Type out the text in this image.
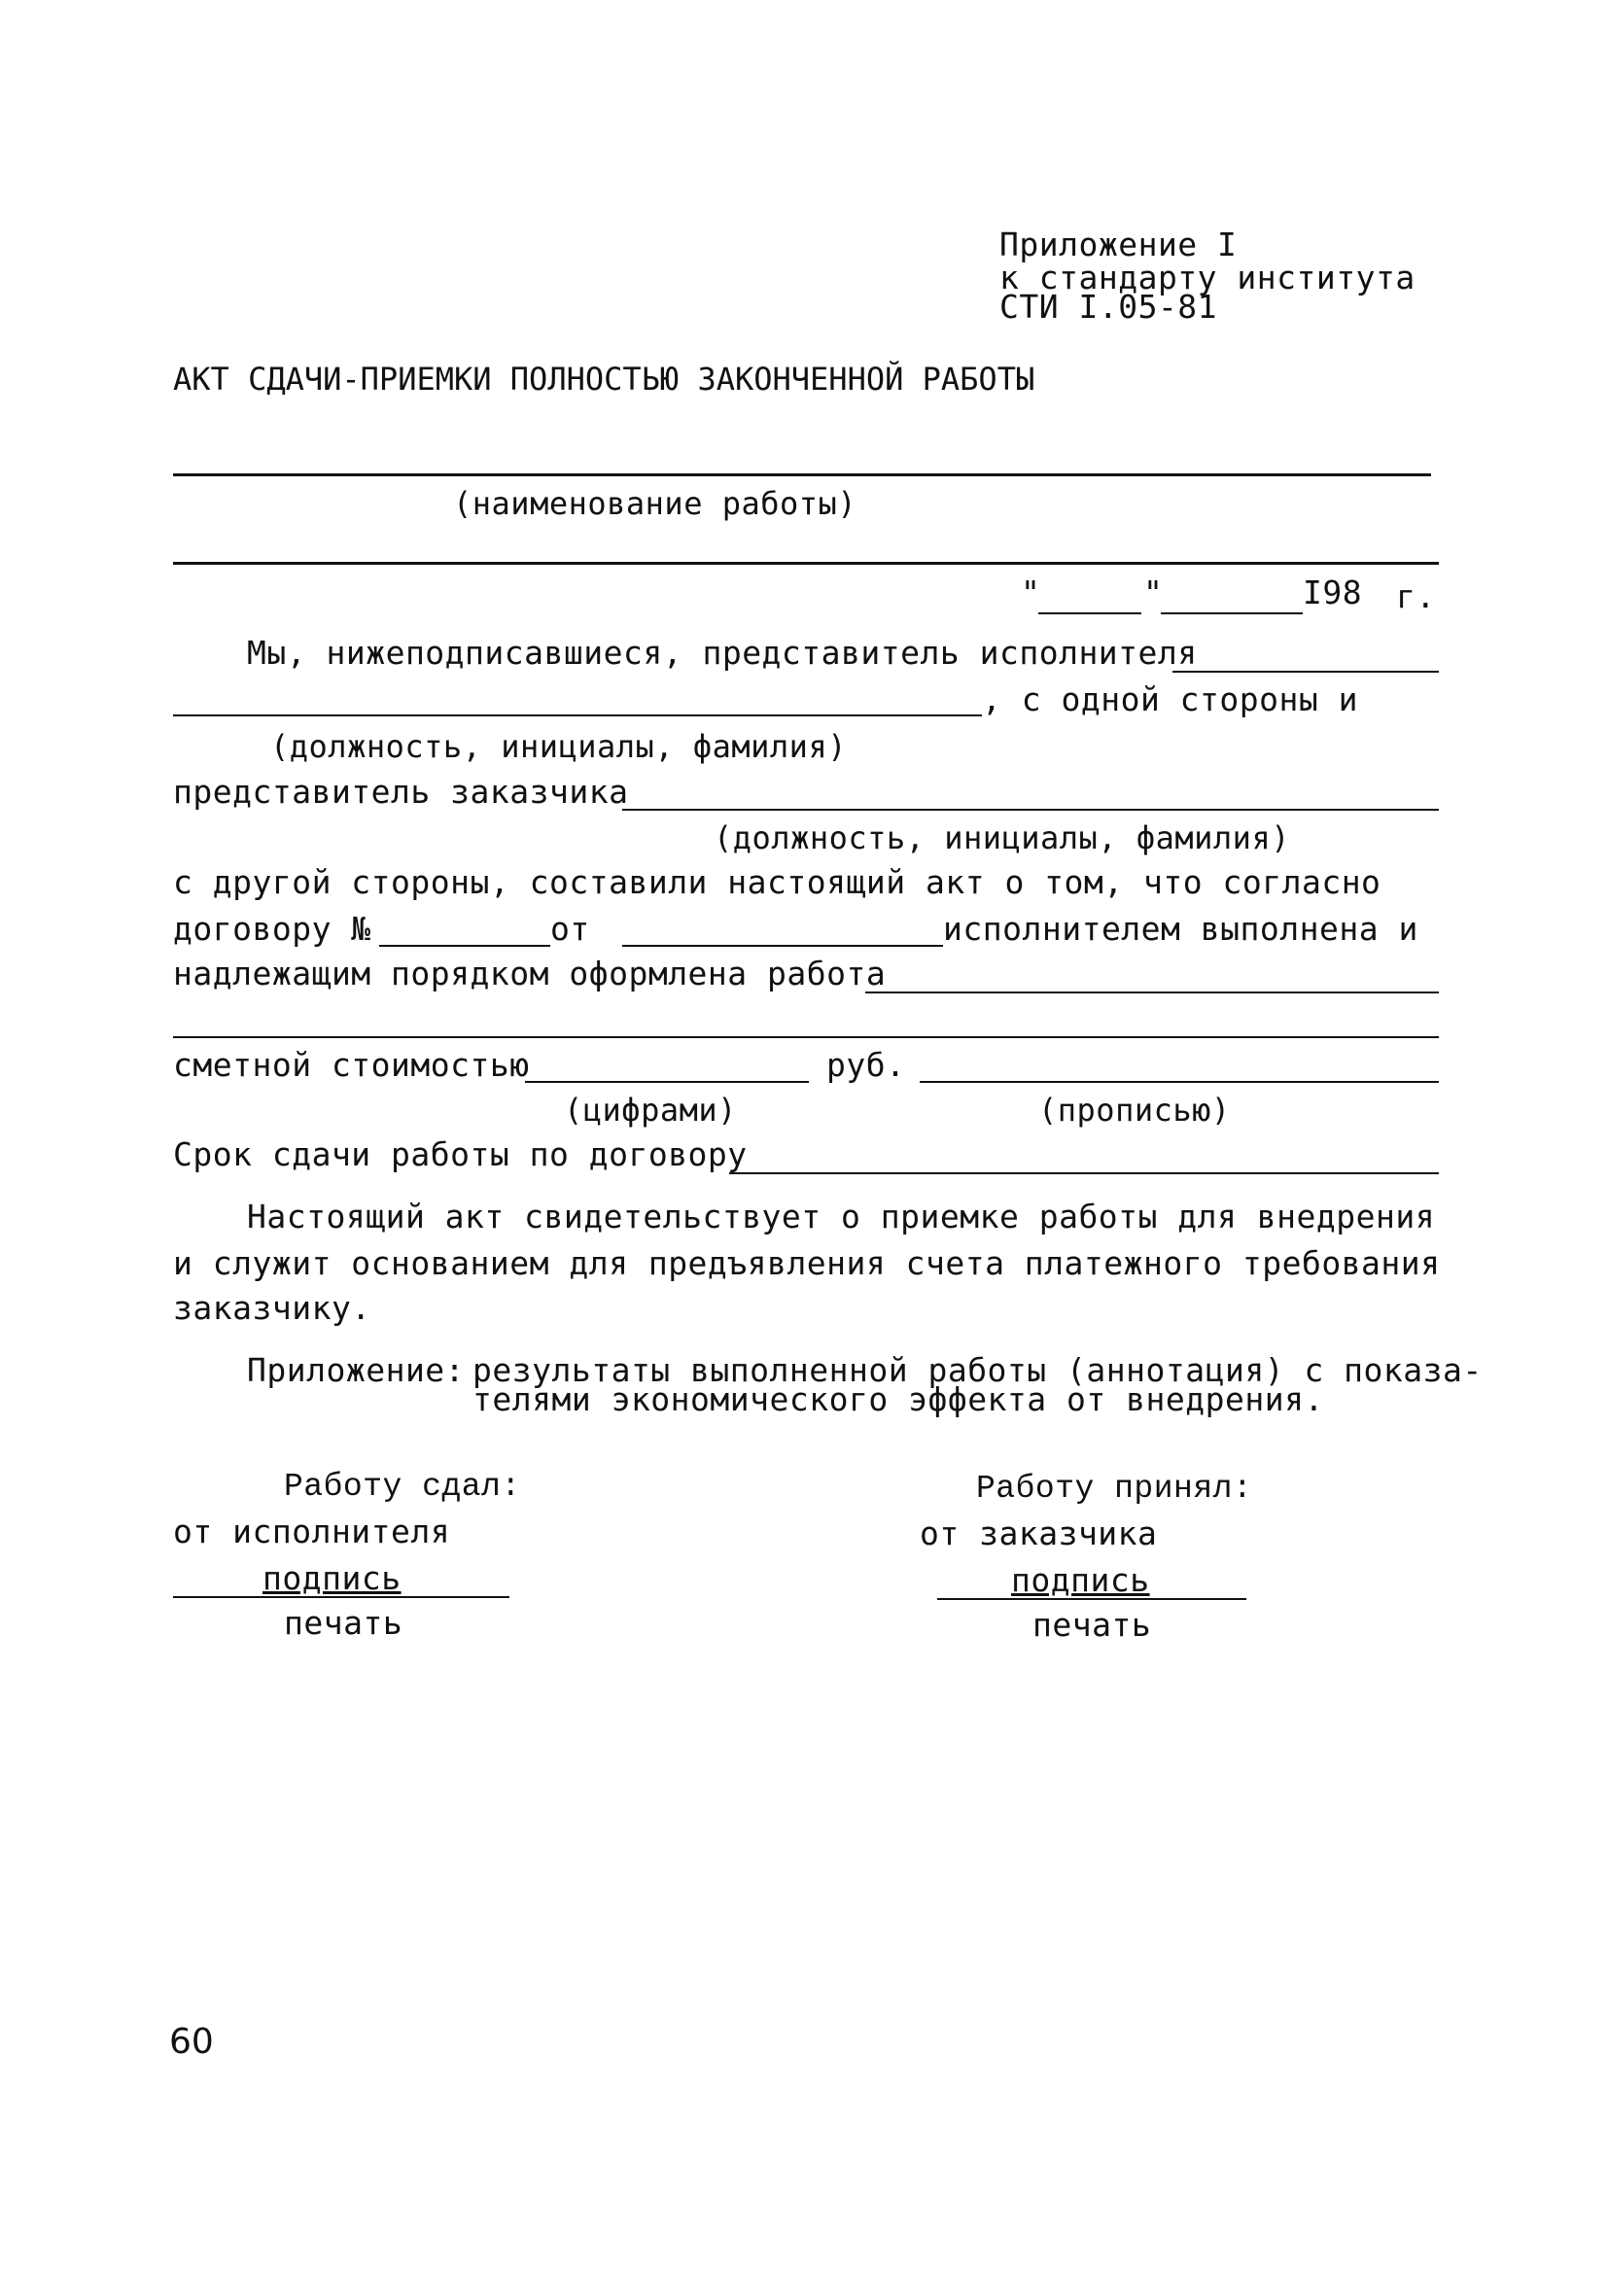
Приложение I
к стандарту института
СТИ I.05-81
АКТ СДАЧИ-ПРИЕМКИ ПОЛНОСТЬЮ ЗАКОНЧЕННОЙ РАБОТЫ
(наименование работы)
"	"	I98 г.
Мы, нижеподписавшиеся, представитель исполнителя
, с одной стороны и
(должность, инициалы, фамилия)
представитель заказчика
(должность, инициалы, фамилия)
с другой стороны, составили настоящий акт о том, что согласно
договору №	от	исполнителем выполнена и
надлежащим порядком оформлена работа
сметной стоимостью	руб.
(цифрами)	(прописью)
Срок сдачи работы по договору
Настоящий акт свидетельствует о приемке работы для внедрения
и служит основанием для предъявления счета платежного требования
заказчику.
Приложение: результаты выполненной работы (аннотация) с показа-
телями экономического эффекта от внедрения.
Работу сдал:
от исполнителя
подпись
печать
Работу принял:
от заказчика
подпись
печать
60
